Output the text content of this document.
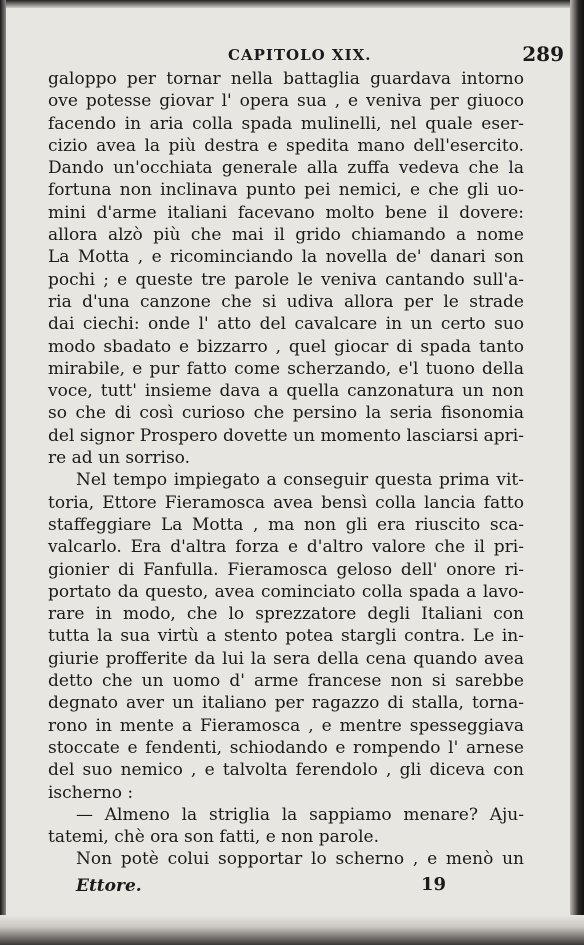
CAPITOLO XIX.	289
galoppo per tornar nella battaglia guardava intorno
ove potesse giovar l' opera sua , e veniva per giuoco
facendo in aria colla spada mulinelli, nel quale eser-
cizio avea la più destra e spedita mano dell'esercito.
Dando un'occhiata generale alla zuffa vedeva che la
fortuna non inclinava punto pei nemici, e che gli uo-
mini d'arme italiani facevano molto bene il dovere:
allora alzò più che mai il grido chiamando a nome
La Motta , e ricominciando la novella de' danari son
pochi ; e queste tre parole le veniva cantando sull'a-
ria d'una canzone che si udiva allora per le strade
dai ciechi: onde l' atto del cavalcare in un certo suo
modo sbadato e bizzarro , quel giocar di spada tanto
mirabile, e pur fatto come scherzando, e'l tuono della
voce, tutt' insieme dava a quella canzonatura un non
so che di così curioso che persino la seria fisonomia
del signor Prospero dovette un momento lasciarsi apri-
re ad un sorriso.
Nel tempo impiegato a conseguir questa prima vit-
toria, Ettore Fieramosca avea bensì colla lancia fatto
staffeggiare La Motta , ma non gli era riuscito sca-
valcarlo. Era d'altra forza e d'altro valore che il pri-
gionier di Fanfulla. Fieramosca geloso dell' onore ri-
portato da questo, avea cominciato colla spada a lavo-
rare in modo, che lo sprezzatore degli Italiani con
tutta la sua virtù a stento potea stargli contra. Le in-
giurie profferite da lui la sera della cena quando avea
detto che un uomo d' arme francese non si sarebbe
degnato aver un italiano per ragazzo di stalla, torna-
rono in mente a Fieramosca , e mentre spesseggiava
stoccate e fendenti, schiodando e rompendo l' arnese
del suo nemico , e talvolta ferendolo , gli diceva con
ischerno :
— Almeno la striglia la sappiamo menare? Aju-
tatemi, chè ora son fatti, e non parole.
Non potè colui sopportar lo scherno , e menò un
Ettore.	19
